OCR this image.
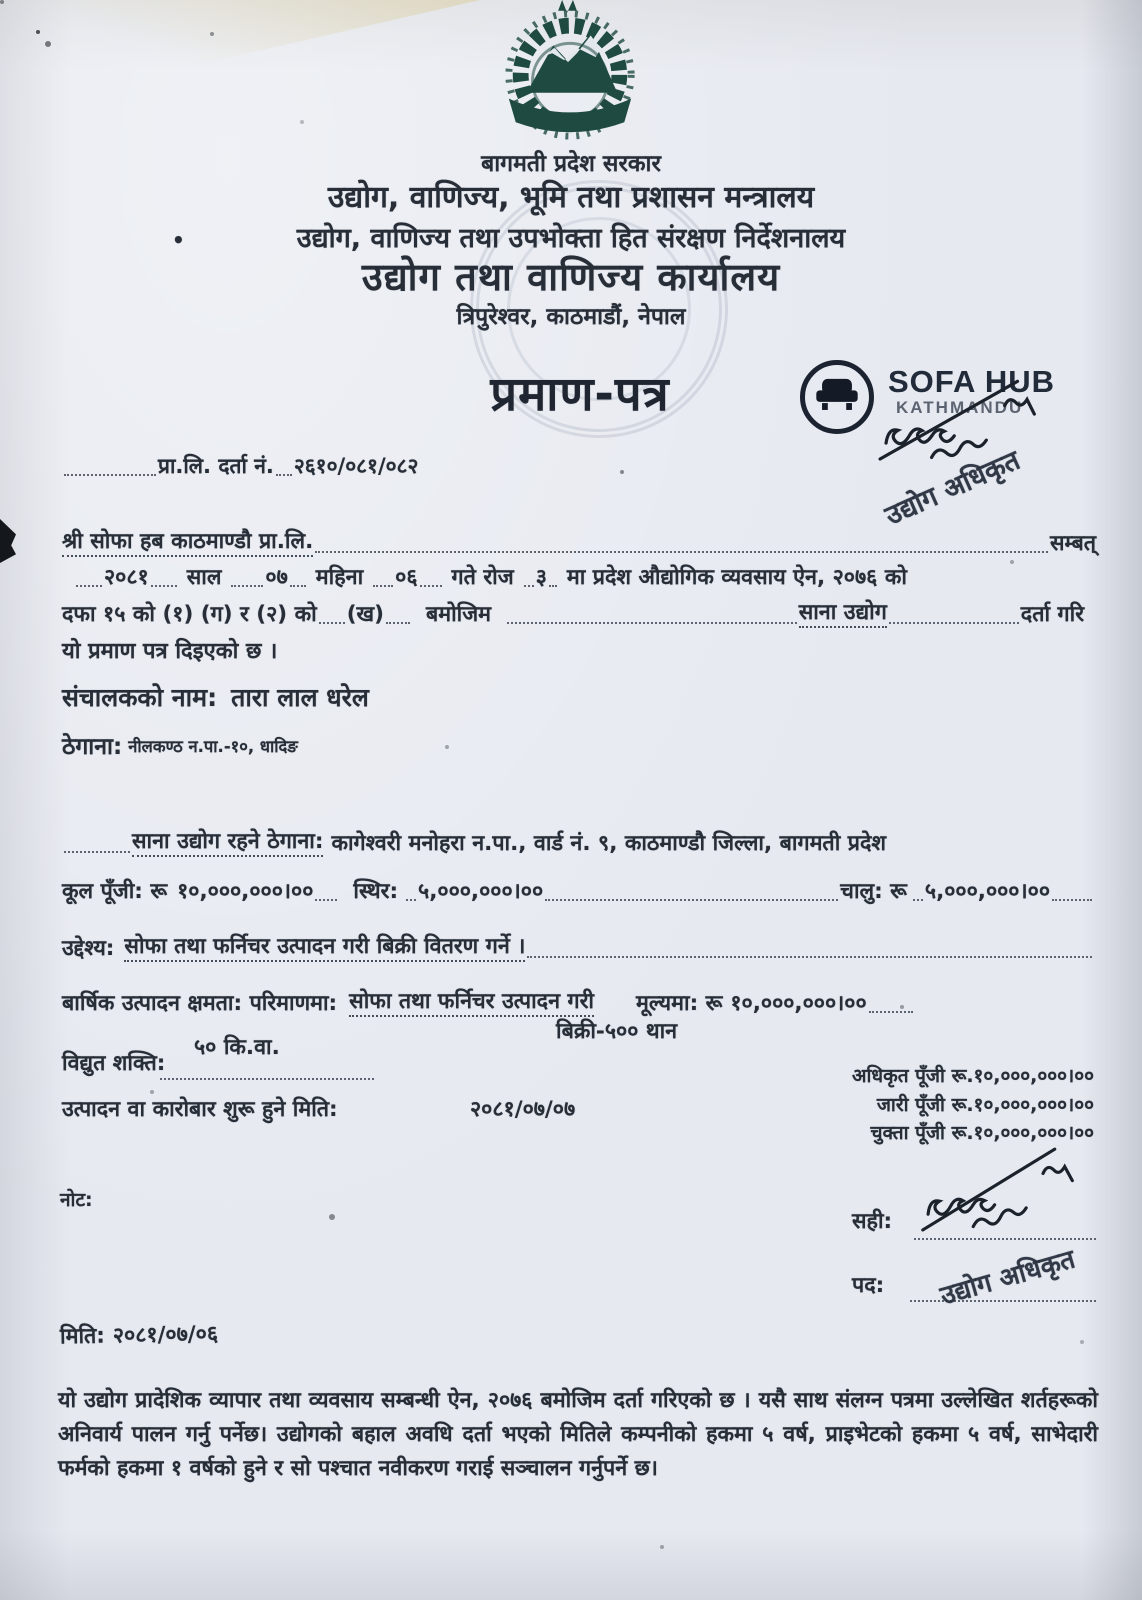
बागमती प्रदेश सरकार
उद्योग, वाणिज्य, भूमि तथा प्रशासन मन्त्रालय
•	उद्योग, वाणिज्य तथा उपभोक्ता हित संरक्षण निर्देशनालय
उद्योग तथा वाणिज्य कार्यालय
त्रिपुरेश्वर, काठमाडौं, नेपाल
प्रमाण-पत्र	SOFA HUB
KATHMANDU
उद्योग अधिकृत
प्रा.लि. दर्ता नं. २६१०/०८१/०८२
श्री सोफा हब काठमाण्डौ प्रा.लि.	सम्बत्
२०८१ साल ०७ महिना ०६ गते रोज ३ मा प्रदेश औद्योगिक व्यवसाय ऐन, २०७६ को
दफा १५ को (१) (ग) र (२) को (ख) बमोजिम	साना उद्योग	दर्ता गरि
यो प्रमाण पत्र दिइएको छ ।
संचालकको नाम: तारा लाल धरेल
ठेगाना: नीलकण्ठ न.पा.-१०, धादिङ
साना उद्योग रहने ठेगाना: कागेश्वरी मनोहरा न.पा., वार्ड नं. ९, काठमाण्डौ जिल्ला, बागमती प्रदेश
कूल पूँजी: रू १०,०००,०००।०० स्थिर: ५,०००,०००।००	चालु: रू ५,०००,०००।००
उद्देश्य: सोफा तथा फर्निचर उत्पादन गरी बिक्री वितरण गर्ने ।
बार्षिक उत्पादन क्षमता: परिमाणमा: सोफा तथा फर्निचर उत्पादन गरी मूल्यमा: रू १०,०००,०००।००
बिक्री-५०० थान
विद्युत शक्ति:
५० कि.वा.
अधिकृत पूँजी रू.१०,०००,०००।००
जारी पूँजी रू.१०,०००,०००।००
चुक्ता पूँजी रू.१०,०००,०००।००
उत्पादन वा कारोबार शुरू हुने मिति:	२०८१/०७/०७
नोट:
सही:
पद: उद्योग अधिकृत
मिति: २०८१/०७/०६
यो उद्योग प्रादेशिक व्यापार तथा व्यवसाय सम्बन्धी ऐन, २०७६ बमोजिम दर्ता गरिएको छ । यसै साथ संलग्न पत्रमा उल्लेखित शर्तहरूको अनिवार्य पालन गर्नु पर्नेछ। उद्योगको बहाल अवधि दर्ता भएको मितिले कम्पनीको हकमा ५ वर्ष, प्राइभेटको हकमा ५ वर्ष, साभेदारी फर्मको हकमा १ वर्षको हुने र सो पश्चात नवीकरण गराई सञ्चालन गर्नुपर्ने छ।
